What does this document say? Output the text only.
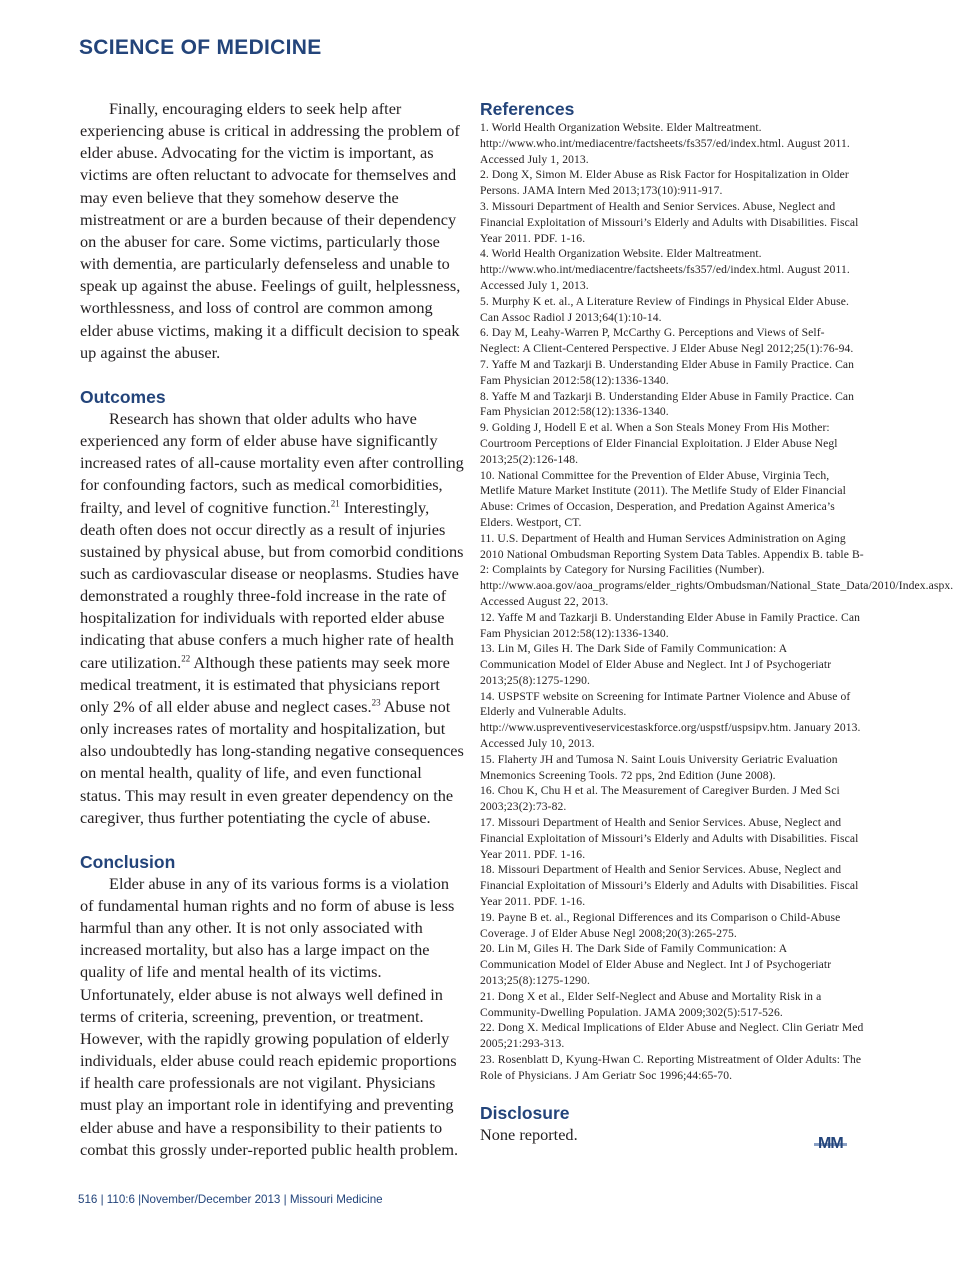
SCIENCE OF MEDICINE

Finally, encouraging elders to seek help after experiencing abuse is critical in addressing the problem of elder abuse. Advocating for the victim is important, as victims are often reluctant to advocate for themselves and may even believe that they somehow deserve the mistreatment or are a burden because of their dependency on the abuser for care. Some victims, particularly those with dementia, are particularly defenseless and unable to speak up against the abuse. Feelings of guilt, helplessness, worthlessness, and loss of control are common among elder abuse victims, making it a difficult decision to speak up against the abuser.

Outcomes

Research has shown that older adults who have experienced any form of elder abuse have significantly increased rates of all-cause mortality even after controlling for confounding factors, such as medical comorbidities, frailty, and level of cognitive function.$^{21}$ Interestingly, death often does not occur directly as a result of injuries sustained by physical abuse, but from comorbid conditions such as cardiovascular disease or neoplasms. Studies have demonstrated a roughly three-fold increase in the rate of hospitalization for individuals with reported elder abuse indicating that abuse confers a much higher rate of health care utilization.$^{22}$ Although these patients may seek more medical treatment, it is estimated that physicians report only 2% of all elder abuse and neglect cases.$^{23}$ Abuse not only increases rates of mortality and hospitalization, but also undoubtedly has long-standing negative consequences on mental health, quality of life, and even functional status. This may result in even greater dependency on the caregiver, thus further potentiating the cycle of abuse.

Conclusion

Elder abuse in any of its various forms is a violation of fundamental human rights and no form of abuse is less harmful than any other. It is not only associated with increased mortality, but also has a large impact on the quality of life and mental health of its victims. Unfortunately, elder abuse is not always well defined in terms of criteria, screening, prevention, or treatment. However, with the rapidly growing population of elderly individuals, elder abuse could reach epidemic proportions if health care professionals are not vigilant. Physicians must play an important role in identifying and preventing elder abuse and have a responsibility to their patients to combat this grossly under-reported public health problem.

References
1. World Health Organization Website. Elder Maltreatment. http://www.who.int/mediacentre/factsheets/fs357/ed/index.html. August 2011. Accessed July 1, 2013.
2. Dong X, Simon M. Elder Abuse as Risk Factor for Hospitalization in Older Persons. JAMA Intern Med 2013;173(10):911-917.
3. Missouri Department of Health and Senior Services. Abuse, Neglect and Financial Exploitation of Missouri’s Elderly and Adults with Disabilities. Fiscal Year 2011. PDF. 1-16.
4. World Health Organization Website. Elder Maltreatment. http://www.who.int/mediacentre/factsheets/fs357/ed/index.html. August 2011. Accessed July 1, 2013.
5. Murphy K et. al., A Literature Review of Findings in Physical Elder Abuse. Can Assoc Radiol J 2013;64(1):10-14.
6. Day M, Leahy-Warren P, McCarthy G. Perceptions and Views of Self-Neglect: A Client-Centered Perspective. J Elder Abuse Negl 2012;25(1):76-94.
7. Yaffe M and Tazkarji B. Understanding Elder Abuse in Family Practice. Can Fam Physician 2012:58(12):1336-1340.
8. Yaffe M and Tazkarji B. Understanding Elder Abuse in Family Practice. Can Fam Physician 2012:58(12):1336-1340.
9. Golding J, Hodell E et al. When a Son Steals Money From His Mother: Courtroom Perceptions of Elder Financial Exploitation. J Elder Abuse Negl 2013;25(2):126-148.
10. National Committee for the Prevention of Elder Abuse, Virginia Tech, Metlife Mature Market Institute (2011). The Metlife Study of Elder Financial Abuse: Crimes of Occasion, Desperation, and Predation Against America’s Elders. Westport, CT.
11. U.S. Department of Health and Human Services Administration on Aging 2010 National Ombudsman Reporting System Data Tables. Appendix B. table B-2: Complaints by Category for Nursing Facilities (Number). http://www.aoa.gov/aoa_programs/elder_rights/Ombudsman/National_State_Data/2010/Index.aspx. Accessed August 22, 2013.
12. Yaffe M and Tazkarji B. Understanding Elder Abuse in Family Practice. Can Fam Physician 2012:58(12):1336-1340.
13. Lin M, Giles H. The Dark Side of Family Communication: A Communication Model of Elder Abuse and Neglect. Int J of Psychogeriatr 2013;25(8):1275-1290.
14. USPSTF website on Screening for Intimate Partner Violence and Abuse of Elderly and Vulnerable Adults. http://www.uspreventiveservicestaskforce.org/uspstf/uspsipv.htm. January 2013. Accessed July 10, 2013.
15. Flaherty JH and Tumosa N. Saint Louis University Geriatric Evaluation Mnemonics Screening Tools. 72 pps, 2nd Edition (June 2008).
16. Chou K, Chu H et al. The Measurement of Caregiver Burden. J Med Sci 2003;23(2):73-82.
17. Missouri Department of Health and Senior Services. Abuse, Neglect and Financial Exploitation of Missouri’s Elderly and Adults with Disabilities. Fiscal Year 2011. PDF. 1-16.
18. Missouri Department of Health and Senior Services. Abuse, Neglect and Financial Exploitation of Missouri’s Elderly and Adults with Disabilities. Fiscal Year 2011. PDF. 1-16.
19. Payne B et. al., Regional Differences and its Comparison o Child-Abuse Coverage. J of Elder Abuse Negl 2008;20(3):265-275.
20. Lin M, Giles H. The Dark Side of Family Communication: A Communication Model of Elder Abuse and Neglect. Int J of Psychogeriatr 2013;25(8):1275-1290.
21. Dong X et al., Elder Self-Neglect and Abuse and Mortality Risk in a Community-Dwelling Population. JAMA 2009;302(5):517-526.
22. Dong X. Medical Implications of Elder Abuse and Neglect. Clin Geriatr Med 2005;21:293-313.
23. Rosenblatt D, Kyung-Hwan C. Reporting Mistreatment of Older Adults: The Role of Physicians. J Am Geriatr Soc 1996;44:65-70.
Disclosure

None reported.	MM
516 | 110:6 |November/December 2013 | Missouri Medicine
